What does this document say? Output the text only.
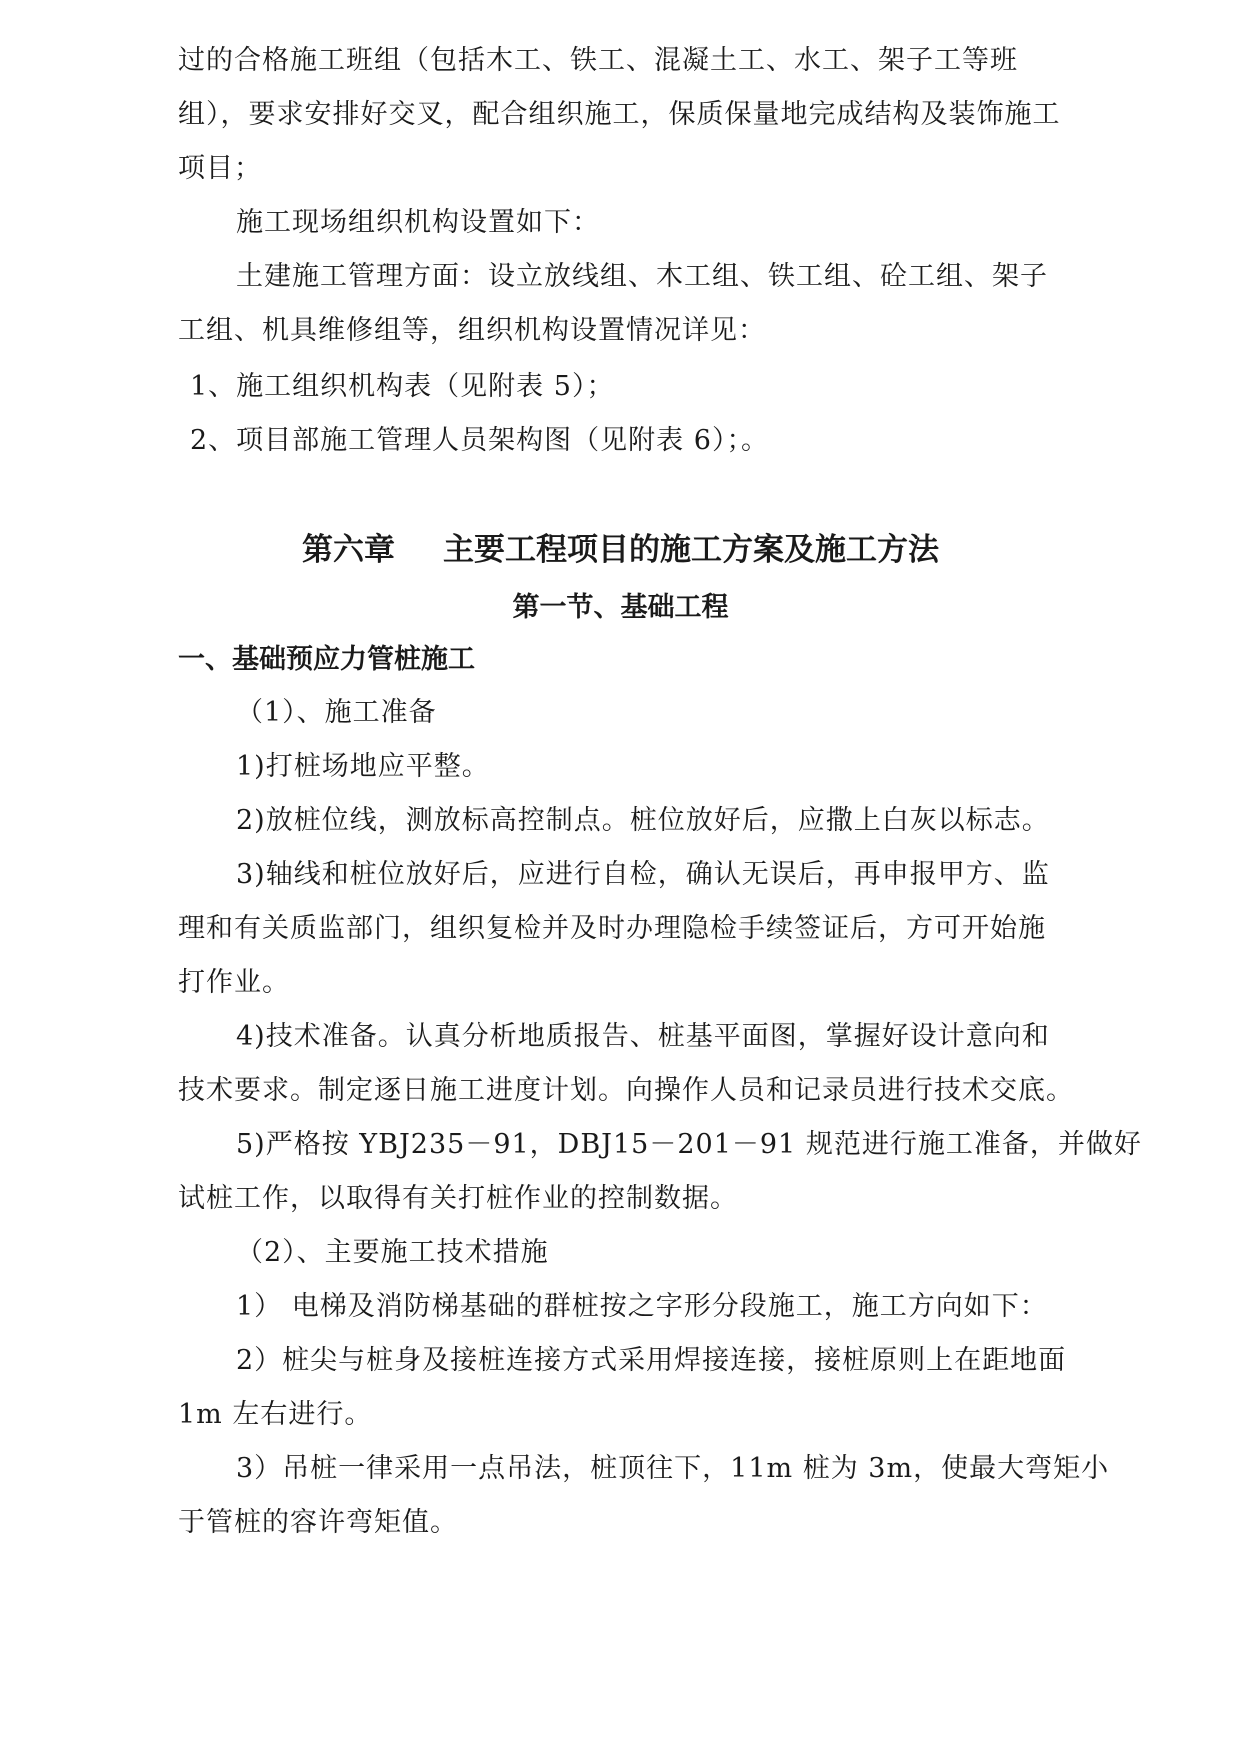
过的合格施工班组（包括木工、铁工、混凝土工、水工、架子工等班
组），要求安排好交叉，配合组织施工，保质保量地完成结构及装饰施工
项目；
施工现场组织机构设置如下：
土建施工管理方面：设立放线组、木工组、铁工组、砼工组、架子
工组、机具维修组等，组织机构设置情况详见：
1、施工组织机构表（见附表 5）；
2、项目部施工管理人员架构图（见附表 6）；。
第六章 主要工程项目的施工方案及施工方法
第一节、基础工程
一、基础预应力管桩施工
（1）、施工准备
1)打桩场地应平整。
2)放桩位线，测放标高控制点。桩位放好后，应撒上白灰以标志。
3)轴线和桩位放好后，应进行自检，确认无误后，再申报甲方、监
理和有关质监部门，组织复检并及时办理隐检手续签证后，方可开始施
打作业。
4)技术准备。认真分析地质报告、桩基平面图，掌握好设计意向和
技术要求。制定逐日施工进度计划。向操作人员和记录员进行技术交底。
5)严格按 YBJ235－91，DBJ15－201－91 规范进行施工准备，并做好
试桩工作，以取得有关打桩作业的控制数据。
（2）、主要施工技术措施
1） 电梯及消防梯基础的群桩按之字形分段施工，施工方向如下：
2）桩尖与桩身及接桩连接方式采用焊接连接，接桩原则上在距地面
1m 左右进行。
3）吊桩一律采用一点吊法，桩顶往下，11m 桩为 3m，使最大弯矩小
于管桩的容许弯矩值。
